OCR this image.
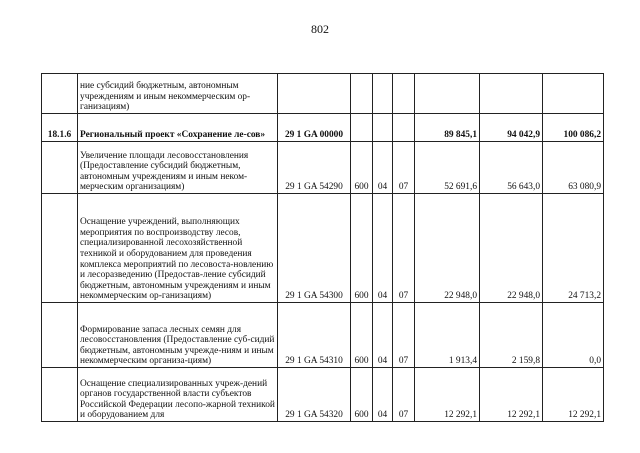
802
	ние субсидий бюджетным, автономным учреждениям и иным некоммерческим ор-ганизациям)							
18.1.6	Региональный проект «Сохранение ле-сов»	29 1 GA 00000				89 845,1	94 042,9	100 086,2
	Увеличение площади лесовосстановления (Предоставление субсидий бюджетным, автономным учреждениям и иным неком-мерческим организациям)	29 1 GA 54290	600	04	07	52 691,6	56 643,0	63 080,9
	Оснащение учреждений, выполняющих мероприятия по воспроизводству лесов, специализированной лесохозяйственной техникой и оборудованием для проведения комплекса мероприятий по лесовоста-новлению и лесоразведению (Предостав-ление субсидий бюджетным, автономным учреждениям и иным некоммерческим ор-ганизациям)	29 1 GA 54300	600	04	07	22 948,0	22 948,0	24 713,2
	Формирование запаса лесных семян для лесовосстановления (Предоставление суб-сидий бюджетным, автономным учрежде-ниям и иным некоммерческим организа-циям)	29 1 GA 54310	600	04	07	1 913,4	2 159,8	0,0
	Оснащение специализированных учреж-дений органов государственной власти субъектов Российской Федерации лесопо-жарной техникой и оборудованием для	29 1 GA 54320	600	04	07	12 292,1	12 292,1	12 292,1
